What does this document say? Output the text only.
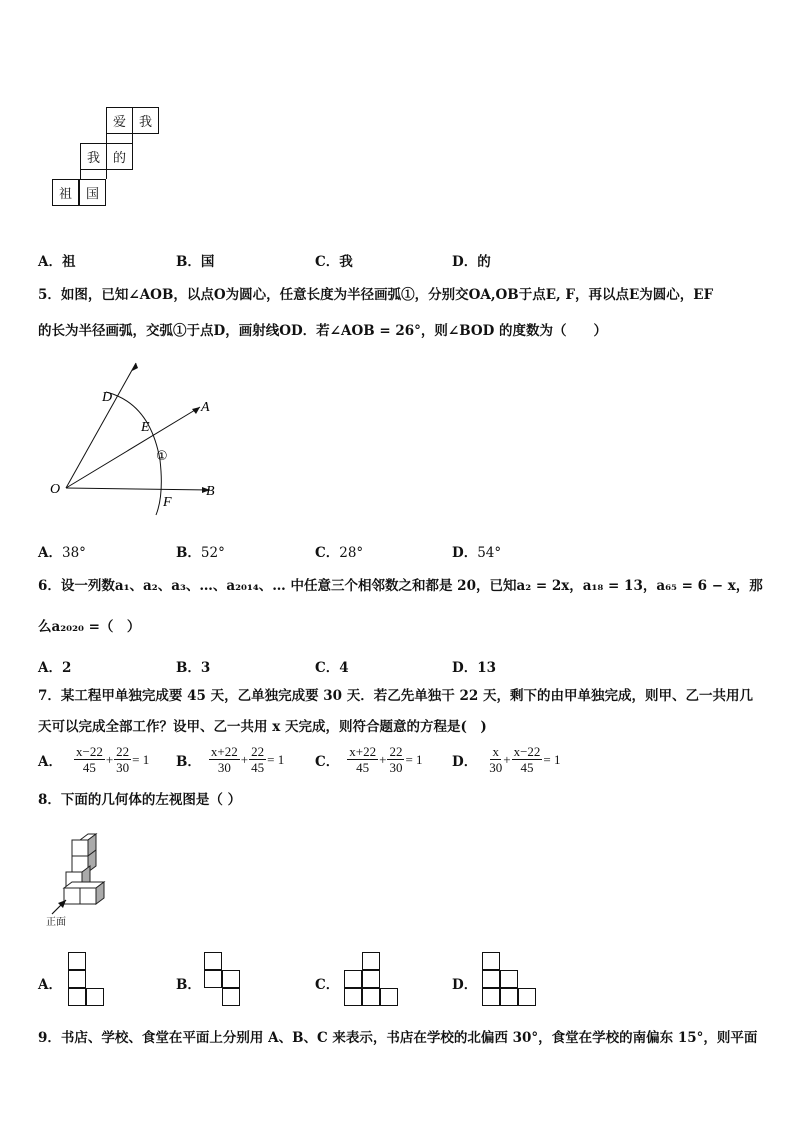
爱 我
我 的
祖	国
A．祖	B．国	C．我	D．的
5．如图，已知∠AOB，以点O为圆心，任意长度为半径画弧①，分别交OA,OB于点E, F，再以点E为圆心，EF
的长为半径画弧，交弧①于点D，画射线OD．若∠AOB = 26°，则∠BOD 的度数为（　　）
O
A
B
D
E
F
①
A．38°	B．52°	C．28°	D．54°
6．设一列数a₁、a₂、a₃、…、a₂₀₁₄、… 中任意三个相邻数之和都是 20，已知a₂ = 2x，a₁₈ = 13，a₆₅ = 6 − x，那
么a₂₀₂₀ =（　）
A．2	B．3	C．4	D．13
7．某工程甲单独完成要 45 天，乙单独完成要 30 天．若乙先单独干 22 天，剩下的由甲单独完成，则甲、乙一共用几
天可以完成全部工作？设甲、乙一共用 x 天完成，则符合题意的方程是(　)
A． $\frac{x-22}{45} + \frac{22}{30} = 1$ B． $\frac{x+22}{30} + \frac{22}{45} = 1$ C． $\frac{x+22}{45} + \frac{22}{30} = 1$ D． $\frac{x}{30} + \frac{x-22}{45} = 1$
8．下面的几何体的左视图是（ ）
正面
A．	B．	C．	D．
9．书店、学校、食堂在平面上分别用 A、B、C 来表示，书店在学校的北偏西 30°，食堂在学校的南偏东 15°，则平面
